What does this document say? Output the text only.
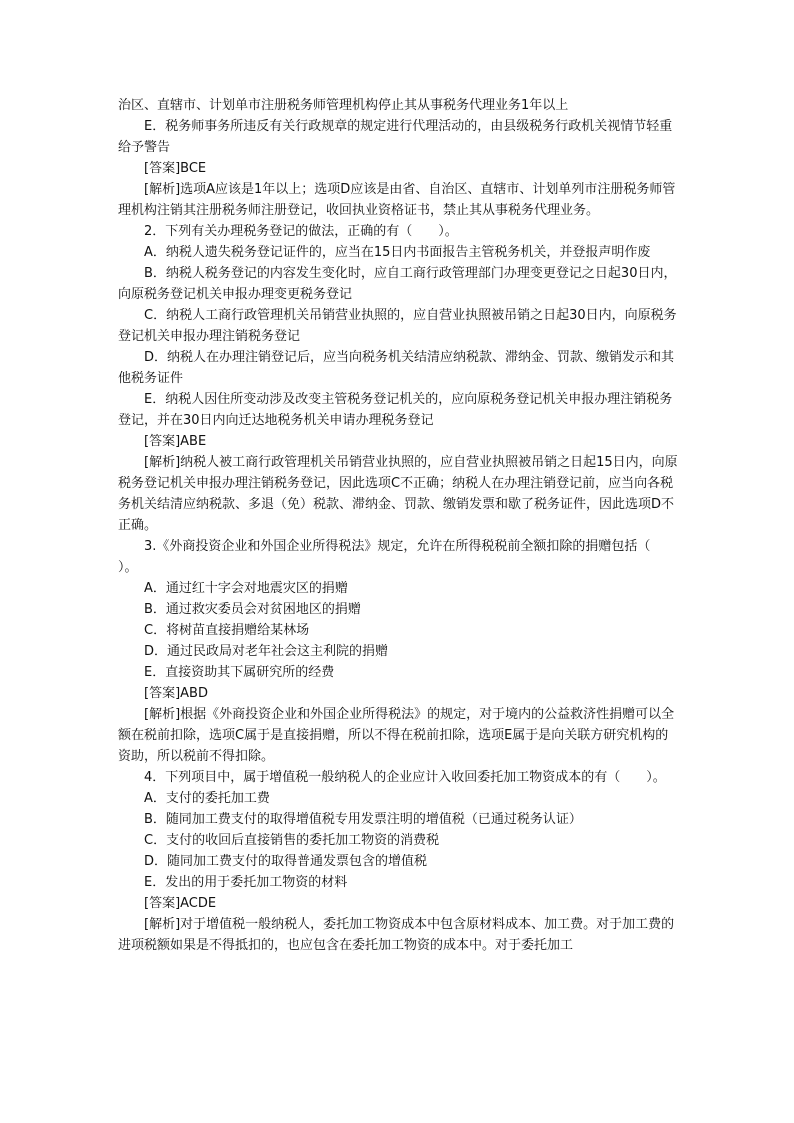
治区、直辖市、计划单市注册税务师管理机构停止其从事税务代理业务1年以上

E．税务师事务所违反有关行政规章的规定进行代理活动的，由县级税务行政机关视情节轻重给予警告

[答案]BCE

[解析]选项A应该是1年以上；选项D应该是由省、自治区、直辖市、计划单列市注册税务师管理机构注销其注册税务师注册登记，收回执业资格证书，禁止其从事税务代理业务。

2．下列有关办理税务登记的做法，正确的有（　　）。

A．纳税人遗失税务登记证件的，应当在15日内书面报告主管税务机关，并登报声明作废

B．纳税人税务登记的内容发生变化时，应自工商行政管理部门办理变更登记之日起30日内，向原税务登记机关申报办理变更税务登记

C．纳税人工商行政管理机关吊销营业执照的，应自营业执照被吊销之日起30日内，向原税务登记机关申报办理注销税务登记

D．纳税人在办理注销登记后，应当向税务机关结清应纳税款、滞纳金、罚款、缴销发示和其他税务证件

E．纳税人因住所变动涉及改变主管税务登记机关的，应向原税务登记机关申报办理注销税务登记，并在30日内向迁达地税务机关申请办理税务登记

[答案]ABE

[解析]纳税人被工商行政管理机关吊销营业执照的，应自营业执照被吊销之日起15日内，向原税务登记机关申报办理注销税务登记，因此选项C不正确；纳税人在办理注销登记前，应当向各税务机关结清应纳税款、多退（免）税款、滞纳金、罚款、缴销发票和歇了税务证件，因此选项D不正确。

3.《外商投资企业和外国企业所得税法》规定，允许在所得税税前全额扣除的捐赠包括（　　）。

A．通过红十字会对地震灾区的捐赠

B．通过救灾委员会对贫困地区的捐赠

C．将树苗直接捐赠给某林场

D．通过民政局对老年社会这主利院的捐赠

E．直接资助其下属研究所的经费

[答案]ABD

[解析]根据《外商投资企业和外国企业所得税法》的规定，对于境内的公益救济性捐赠可以全额在税前扣除，选项C属于是直接捐赠，所以不得在税前扣除，选项E属于是向关联方研究机构的资助，所以税前不得扣除。

4．下列项目中，属于增值税一般纳税人的企业应计入收回委托加工物资成本的有（　　）。

A．支付的委托加工费

B．随同加工费支付的取得增值税专用发票注明的增值税（已通过税务认证）

C．支付的收回后直接销售的委托加工物资的消费税

D．随同加工费支付的取得普通发票包含的增值税

E．发出的用于委托加工物资的材料

[答案]ACDE

[解析]对于增值税一般纳税人，委托加工物资成本中包含原材料成本、加工费。对于加工费的进项税额如果是不得抵扣的，也应包含在委托加工物资的成本中。对于委托加工
